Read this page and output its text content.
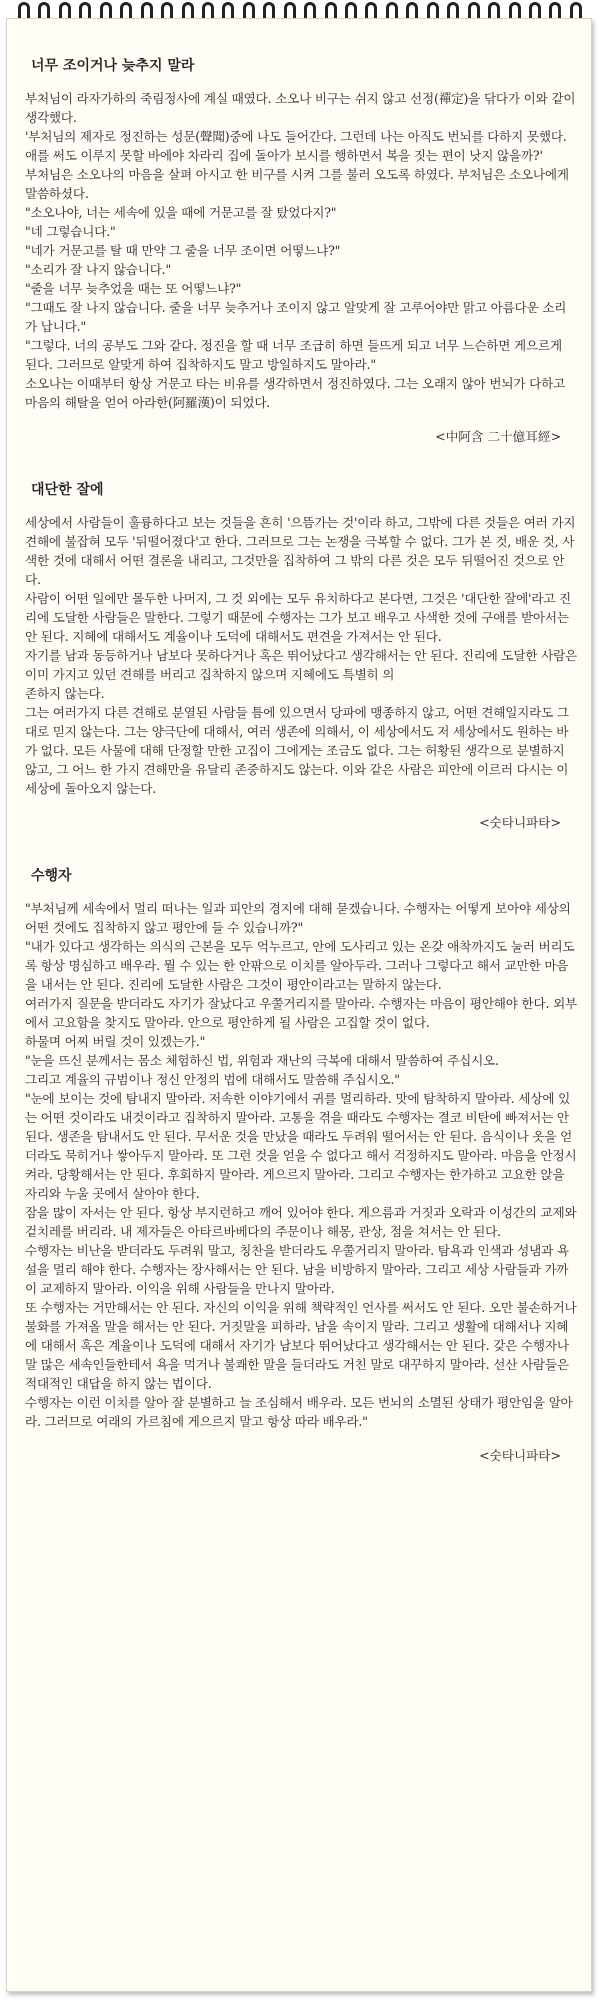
너무 조이거나 늦추지 말라

부처님이 라자가하의 죽림정사에 계실 때였다. 소오나 비구는 쉬지 않고 선정(禪定)을 닦다가 이와 같이 생각했다.

'부처님의 제자로 정진하는 성문(聲聞)중에 나도 들어간다. 그런데 나는 아직도 번뇌를 다하지 못했다. 애를 써도 이루지 못할 바에야 차라리 집에 돌아가 보시를 행하면서 복을 짓는 편이 낫지 않을까?'

부처님은 소오나의 마음을 살펴 아시고 한 비구를 시켜 그를 불러 오도록 하였다. 부처님은 소오나에게 말씀하셨다.

"소오나야, 너는 세속에 있을 때에 거문고를 잘 탔었다지?"

"네 그렇습니다."

"네가 거문고를 탈 때 만약 그 줄을 너무 조이면 어떻느냐?"

"소리가 잘 나지 않습니다."

"줄을 너무 늦추었을 때는 또 어떻느냐?"

"그때도 잘 나지 않습니다. 줄을 너무 늦추거나 조이지 않고 알맞게 잘 고루어야만 맑고 아름다운 소리가 납니다."

"그렇다. 너의 공부도 그와 같다. 정진을 할 때 너무 조급히 하면 들뜨게 되고 너무 느슨하면 게으르게 된다. 그러므로 알맞게 하여 집착하지도 말고 방일하지도 말아라."

소오나는 이때부터 항상 거문고 타는 비유를 생각하면서 정진하였다. 그는 오래지 않아 번뇌가 다하고 마음의 해탈을 얻어 아라한(阿羅漢)이 되었다.

<中阿含 二十億耳經>
대단한 잘에

세상에서 사람들이 훌륭하다고 보는 것들을 흔히 '으뜸가는 것'이라 하고, 그밖에 다른 것들은 여러 가지 견해에 불잡혀 모두 '뒤떨어졌다'고 한다. 그러므로 그는 논쟁을 극복할 수 없다. 그가 본 것, 배운 것, 사색한 것에 대해서 어떤 결론을 내리고, 그것만을 집착하여 그 밖의 다른 것은 모두 뒤떨어진 것으로 안다.

사람이 어떤 일에만 몰두한 나머지, 그 것 외에는 모두 유치하다고 본다면, 그것은 '대단한 잘에'라고 진리에 도달한 사람들은 말한다. 그렇기 때문에 수행자는 그가 보고 배우고 사색한 것에 구애를 받아서는 안 된다. 지혜에 대해서도 계율이나 도덕에 대해서도 편견을 가져서는 안 된다.

자기를 남과 동등하거나 남보다 못하다거나 혹은 뛰어났다고 생각해서는 안 된다. 진리에 도달한 사람은 이미 가지고 있던 견해를 버리고 집착하지 않으며 지혜에도 특별히 의

존하지 않는다.

그는 여러가지 다른 견해로 분열된 사람들 틈에 있으면서 당파에 맹종하지 않고, 어떤 견해일지라도 그대로 믿지 않는다. 그는 양극단에 대해서, 여러 생존에 의해서, 이 세상에서도 저 세상에서도 원하는 바가 없다. 모든 사물에 대해 단정할 만한 고집이 그에게는 조금도 없다. 그는 허황된 생각으로 분별하지 않고, 그 어느 한 가지 견해만을 유달리 존중하지도 않는다. 이와 같은 사람은 피안에 이르러 다시는 이 세상에 돌아오지 않는다.

<숫타니파타>
수행자

"부처님께 세속에서 멀리 떠나는 일과 피안의 경지에 대해 묻겠습니다. 수행자는 어떻게 보아야 세상의 어떤 것에도 집착하지 않고 평안에 들 수 있습니까?"

"내가 있다고 생각하는 의식의 근본을 모두 억누르고, 안에 도사리고 있는 온갖 애착까지도 눌러 버리도록 항상 명심하고 배우라. 뭘 수 있는 한 안팎으로 이치를 알아두라. 그러나 그렇다고 해서 교만한 마음을 내서는 안 된다. 진리에 도달한 사람은 그것이 평안이라고는 말하지 않는다.

여러가지 질문을 받더라도 자기가 잘났다고 우쭐거리지를 말아라. 수행자는 마음이 평안해야 한다. 외부에서 고요함을 찾지도 말아라. 안으로 평안하게 될 사람은 고집할 것이 없다.

하물며 어찌 버릴 것이 있겠는가."

"눈을 뜨신 분께서는 몸소 체험하신 법, 위험과 재난의 극복에 대해서 말씀하여 주십시오.

그리고 계율의 규범이나 정신 안정의 법에 대해서도 말씀해 주십시오."

"눈에 보이는 것에 탐내지 말아라. 저속한 이야기에서 귀를 멀리하라. 맛에 탐착하지 말아라. 세상에 있는 어떤 것이라도 내것이라고 집착하지 말아라. 고통을 겪을 때라도 수행자는 결코 비탄에 빠져서는 안 된다. 생존을 탐내서도 안 된다. 무서운 것을 만났을 때라도 두려워 떨어서는 안 된다. 음식이나 옷을 얻더라도 묵히거나 쌓아두지 말아라. 또 그런 것을 얻을 수 없다고 해서 걱정하지도 말아라. 마음을 안정시켜라. 당황해서는 안 된다. 후회하지 말아라. 게으르지 말아라. 그리고 수행자는 한가하고 고요한 앉을 자리와 누울 곳에서 살아야 한다.

잠을 많이 자서는 안 된다. 항상 부지런하고 깨어 있어야 한다. 게으름과 거짓과 오락과 이성간의 교제와 겉치레를 버리라. 내 제자들은 아타르바베다의 주문이나 해몽, 관상, 점을 쳐서는 안 된다.

수행자는 비난을 받더라도 두려워 말고, 칭찬을 받더라도 우쭐거리지 말아라. 탐욕과 인색과 성냄과 욕설을 멀리 해야 한다. 수행자는 장사해서는 안 된다. 남을 비방하지 말아라. 그리고 세상 사람들과 가까이 교제하지 말아라. 이익을 위해 사람들을 만나지 말아라.

또 수행자는 거만해서는 안 된다. 자신의 이익을 위해 책략적인 언사를 써서도 안 된다. 오만 불손하거나 불화를 가져올 말을 해서는 안 된다. 거짓말을 피하라. 남을 속이지 말라. 그리고 생활에 대해서나 지혜에 대해서 혹은 계율이나 도덕에 대해서 자기가 남보다 뛰어났다고 생각해서는 안 된다. 갖은 수행자나 말 많은 세속인들한테서 욕을 먹거나 불쾌한 말을 들더라도 거친 말로 대꾸하지 말아라. 선산 사람들은 적대적인 대답을 하지 않는 법이다.

수행자는 이런 이치를 알아 잘 분별하고 늘 조심해서 배우라. 모든 번뇌의 소멸된 상태가 평안임을 알아라. 그러므로 여래의 가르침에 게으르지 말고 항상 따라 배우라."

<숫타니파타>
